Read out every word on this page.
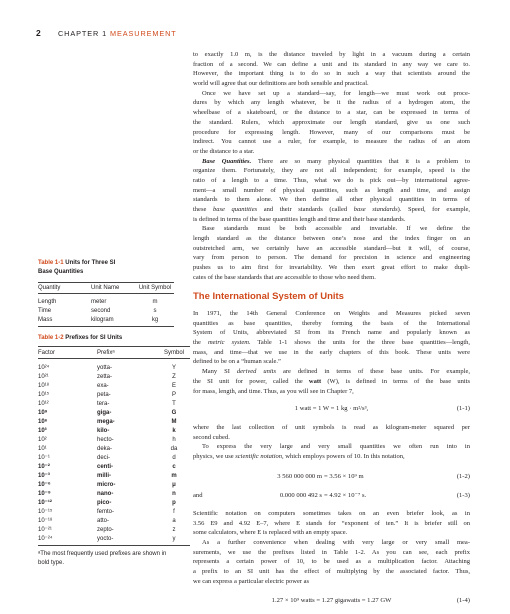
2 CHAPTER 1 MEASUREMENT
to exactly 1.0 m, is the distance traveled by light in a vacuum during a certain
fraction of a second. We can define a unit and its standard in any way we care to.
However, the important thing is to do so in such a way that scientists around the
world will agree that our definitions are both sensible and practical.
Once we have set up a standard—say, for length—we must work out proce-
dures by which any length whatever, be it the radius of a hydrogen atom, the
wheelbase of a skateboard, or the distance to a star, can be expressed in terms of
the standard. Rulers, which approximate our length standard, give us one such
procedure for expressing length. However, many of our comparisons must be
indirect. You cannot use a ruler, for example, to measure the radius of an atom
or the distance to a star.
Base Quantities. There are so many physical quantities that it is a problem to
organize them. Fortunately, they are not all independent; for example, speed is the
ratio of a length to a time. Thus, what we do is pick out—by international agree-
ment—a small number of physical quantities, such as length and time, and assign
standards to them alone. We then define all other physical quantities in terms of
these base quantities and their standards (called base standards). Speed, for example,
is defined in terms of the base quantities length and time and their base standards.
Base standards must be both accessible and invariable. If we define the
length standard as the distance between one’s nose and the index finger on an
outstretched arm, we certainly have an accessible standard—but it will, of course,
vary from person to person. The demand for precision in science and engineering
pushes us to aim first for invariability. We then exert great effort to make dupli-
cates of the base standards that are accessible to those who need them.
The International System of Units
In 1971, the 14th General Conference on Weights and Measures picked seven
quantities as base quantities, thereby forming the basis of the International
System of Units, abbreviated SI from its French name and popularly known as
the metric system. Table 1-1 shows the units for the three base quantities—length,
mass, and time—that we use in the early chapters of this book. These units were
defined to be on a “human scale.”
Many SI derived units are defined in terms of these base units. For example,
the SI unit for power, called the watt (W), is defined in terms of the base units
for mass, length, and time. Thus, as you will see in Chapter 7,
1 watt = 1 W = 1 kg · m²/s³,	(1-1)
where the last collection of unit symbols is read as kilogram-meter squared per
second cubed.
To express the very large and very small quantities we often run into in
physics, we use scientific notation, which employs powers of 10. In this notation,
3 560 000 000 m = 3.56 × 10⁹ m	(1-2)
and	0.000 000 492 s = 4.92 × 10⁻⁷ s.	(1-3)
Scientific notation on computers sometimes takes on an even briefer look, as in
3.56 E9 and 4.92 E–7, where E stands for “exponent of ten.” It is briefer still on
some calculators, where E is replaced with an empty space.
As a further convenience when dealing with very large or very small mea-
surements, we use the prefixes listed in Table 1-2. As you can see, each prefix
represents a certain power of 10, to be used as a multiplication factor. Attaching
a prefix to an SI unit has the effect of multiplying by the associated factor. Thus,
we can express a particular electric power as
1.27 × 10⁹ watts = 1.27 gigawatts = 1.27 GW	(1-4)
Table 1-1 Units for Three SI
Base Quantities
Quantity	Unit Name	Unit Symbol
Length	meter	m
Time	second	s
Mass	kilogram	kg
Table 1-2 Prefixes for SI Units
Factor	Prefixᵃ	Symbol
10²⁴	yotta-	Y
10²¹	zetta-	Z
10¹⁸	exa-	E
10¹⁵	peta-	P
10¹²	tera-	T
10⁹	giga-	G
10⁶	mega-	M
10³	kilo-	k
10²	hecto-	h
10¹	deka-	da
10⁻¹	deci-	d
10⁻²	centi-	c
10⁻³	milli-	m
10⁻⁶	micro-	μ
10⁻⁹	nano-	n
10⁻¹²	pico-	p
10⁻¹⁵	femto-	f
10⁻¹⁸	atto-	a
10⁻²¹	zepto-	z
10⁻²⁴	yocto-	y
ᵃThe most frequently used prefixes are shown in
bold type.
